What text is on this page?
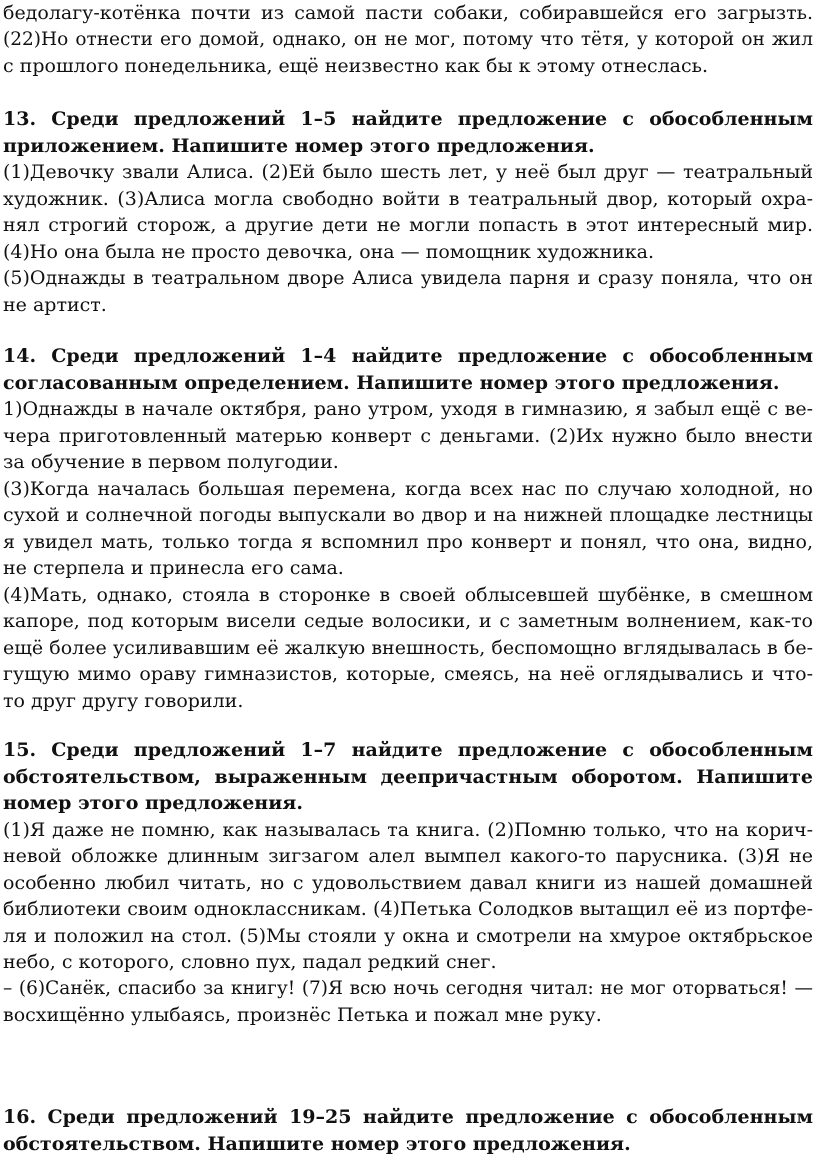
бедолагу-котёнка почти из самой пасти собаки, собиравшейся его загрызть.
(22)Но отнести его домой, однако, он не мог, потому что тётя, у которой он жил
с прошлого понедельника, ещё неизвестно как бы к этому отнеслась.
13. Среди предложений 1–5 найдите предложение с обособленным
приложением. Напишите номер этого предложения.
(1)Девочку звали Алиса. (2)Ей было шесть лет, у неё был друг — театральный
художник. (3)Алиса могла свободно войти в театральный двор, который охра-
нял строгий сторож, а другие дети не могли попасть в этот интересный мир.
(4)Но она была не просто девочка, она — помощник художника.
(5)Однажды в театральном дворе Алиса увидела парня и сразу поняла, что он
не артист.
14. Среди предложений 1–4 найдите предложение с обособленным
согласованным определением. Напишите номер этого предложения.
1)Однажды в начале октября, рано утром, уходя в гимназию, я забыл ещё с ве-
чера приготовленный матерью конверт с деньгами. (2)Их нужно было внести
за обучение в первом полугодии.
(3)Когда началась большая перемена, когда всех нас по случаю холодной, но
сухой и солнечной погоды выпускали во двор и на нижней площадке лестницы
я увидел мать, только тогда я вспомнил про конверт и понял, что она, видно,
не стерпела и принесла его сама.
(4)Мать, однако, стояла в сторонке в своей облысевшей шубёнке, в смешном
капоре, под которым висели седые волосики, и с заметным волнением, как-то
ещё более усиливавшим её жалкую внешность, беспомощно вглядывалась в бе-
гущую мимо ораву гимназистов, которые, смеясь, на неё оглядывались и что-
то друг другу говорили.
15. Среди предложений 1–7 найдите предложение с обособленным
обстоятельством, выраженным деепричастным оборотом. Напишите
номер этого предложения.
(1)Я даже не помню, как называлась та книга. (2)Помню только, что на корич-
невой обложке длинным зигзагом алел вымпел какого-то парусника. (3)Я не
особенно любил читать, но с удовольствием давал книги из нашей домашней
библиотеки своим одноклассникам. (4)Петька Солодков вытащил её из портфе-
ля и положил на стол. (5)Мы стояли у окна и смотрели на хмурое октябрьское
небо, с которого, словно пух, падал редкий снег.
– (6)Санёк, спасибо за книгу! (7)Я всю ночь сегодня читал: не мог оторваться! —
восхищённо улыбаясь, произнёс Петька и пожал мне руку.
16. Среди предложений 19–25 найдите предложение с обособленным
обстоятельством. Напишите номер этого предложения.
